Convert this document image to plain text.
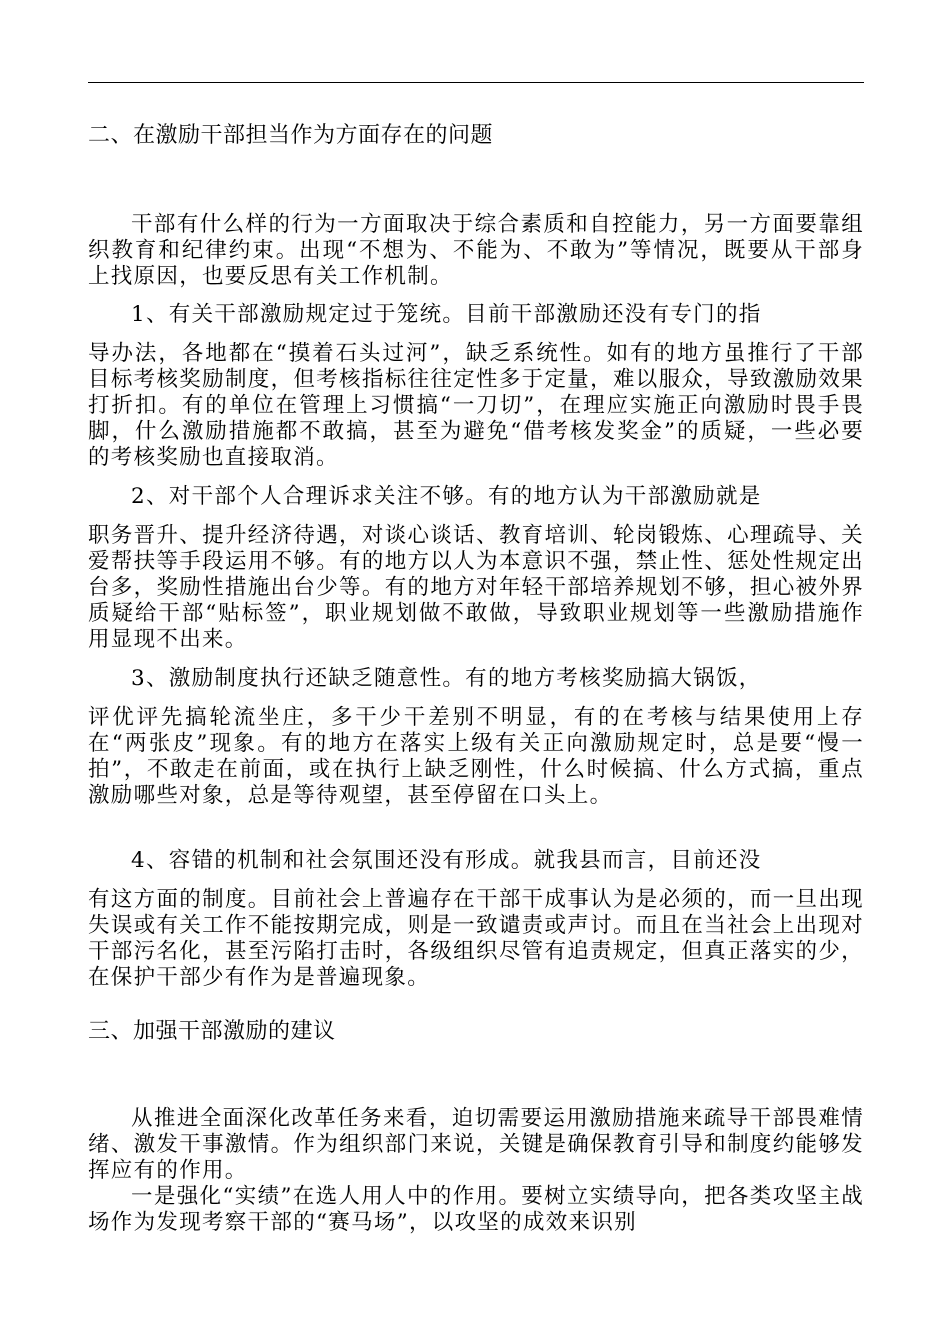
二、在激励干部担当作为方面存在的问题

干部有什么样的行为一方面取决于综合素质和自控能力，另一方面要靠组织教育和纪律约束。出现“不想为、不能为、不敢为”等情况，既要从干部身上找原因，也要反思有关工作机制。

1、有关干部激励规定过于笼统。目前干部激励还没有专门的指
导办法，各地都在“摸着石头过河”，缺乏系统性。如有的地方虽推行了干部目标考核奖励制度，但考核指标往往定性多于定量，难以服众，导致激励效果打折扣。有的单位在管理上习惯搞“一刀切”，在理应实施正向激励时畏手畏脚，什么激励措施都不敢搞，甚至为避免“借考核发奖金”的质疑，一些必要的考核奖励也直接取消。

2、对干部个人合理诉求关注不够。有的地方认为干部激励就是
职务晋升、提升经济待遇，对谈心谈话、教育培训、轮岗锻炼、心理疏导、关爱帮扶等手段运用不够。有的地方以人为本意识不强，禁止性、惩处性规定出台多，奖励性措施出台少等。有的地方对年轻干部培养规划不够，担心被外界质疑给干部“贴标签”，职业规划做不敢做，导致职业规划等一些激励措施作用显现不出来。

3、激励制度执行还缺乏随意性。有的地方考核奖励搞大锅饭，
评优评先搞轮流坐庄，多干少干差别不明显，有的在考核与结果使用上存在“两张皮”现象。有的地方在落实上级有关正向激励规定时，总是要“慢一拍”，不敢走在前面，或在执行上缺乏刚性，什么时候搞、什么方式搞，重点激励哪些对象，总是等待观望，甚至停留在口头上。

4、容错的机制和社会氛围还没有形成。就我县而言，目前还没
有这方面的制度。目前社会上普遍存在干部干成事认为是必须的，而一旦出现失误或有关工作不能按期完成，则是一致谴责或声讨。而且在当社会上出现对干部污名化，甚至污陷打击时，各级组织尽管有追责规定，但真正落实的少，在保护干部少有作为是普遍现象。

三、加强干部激励的建议

从推进全面深化改革任务来看，迫切需要运用激励措施来疏导干部畏难情绪、激发干事激情。作为组织部门来说，关键是确保教育引导和制度约能够发挥应有的作用。

一是强化“实绩”在选人用人中的作用。要树立实绩导向，把各类攻坚主战场作为发现考察干部的“赛马场”，以攻坚的成效来识别
